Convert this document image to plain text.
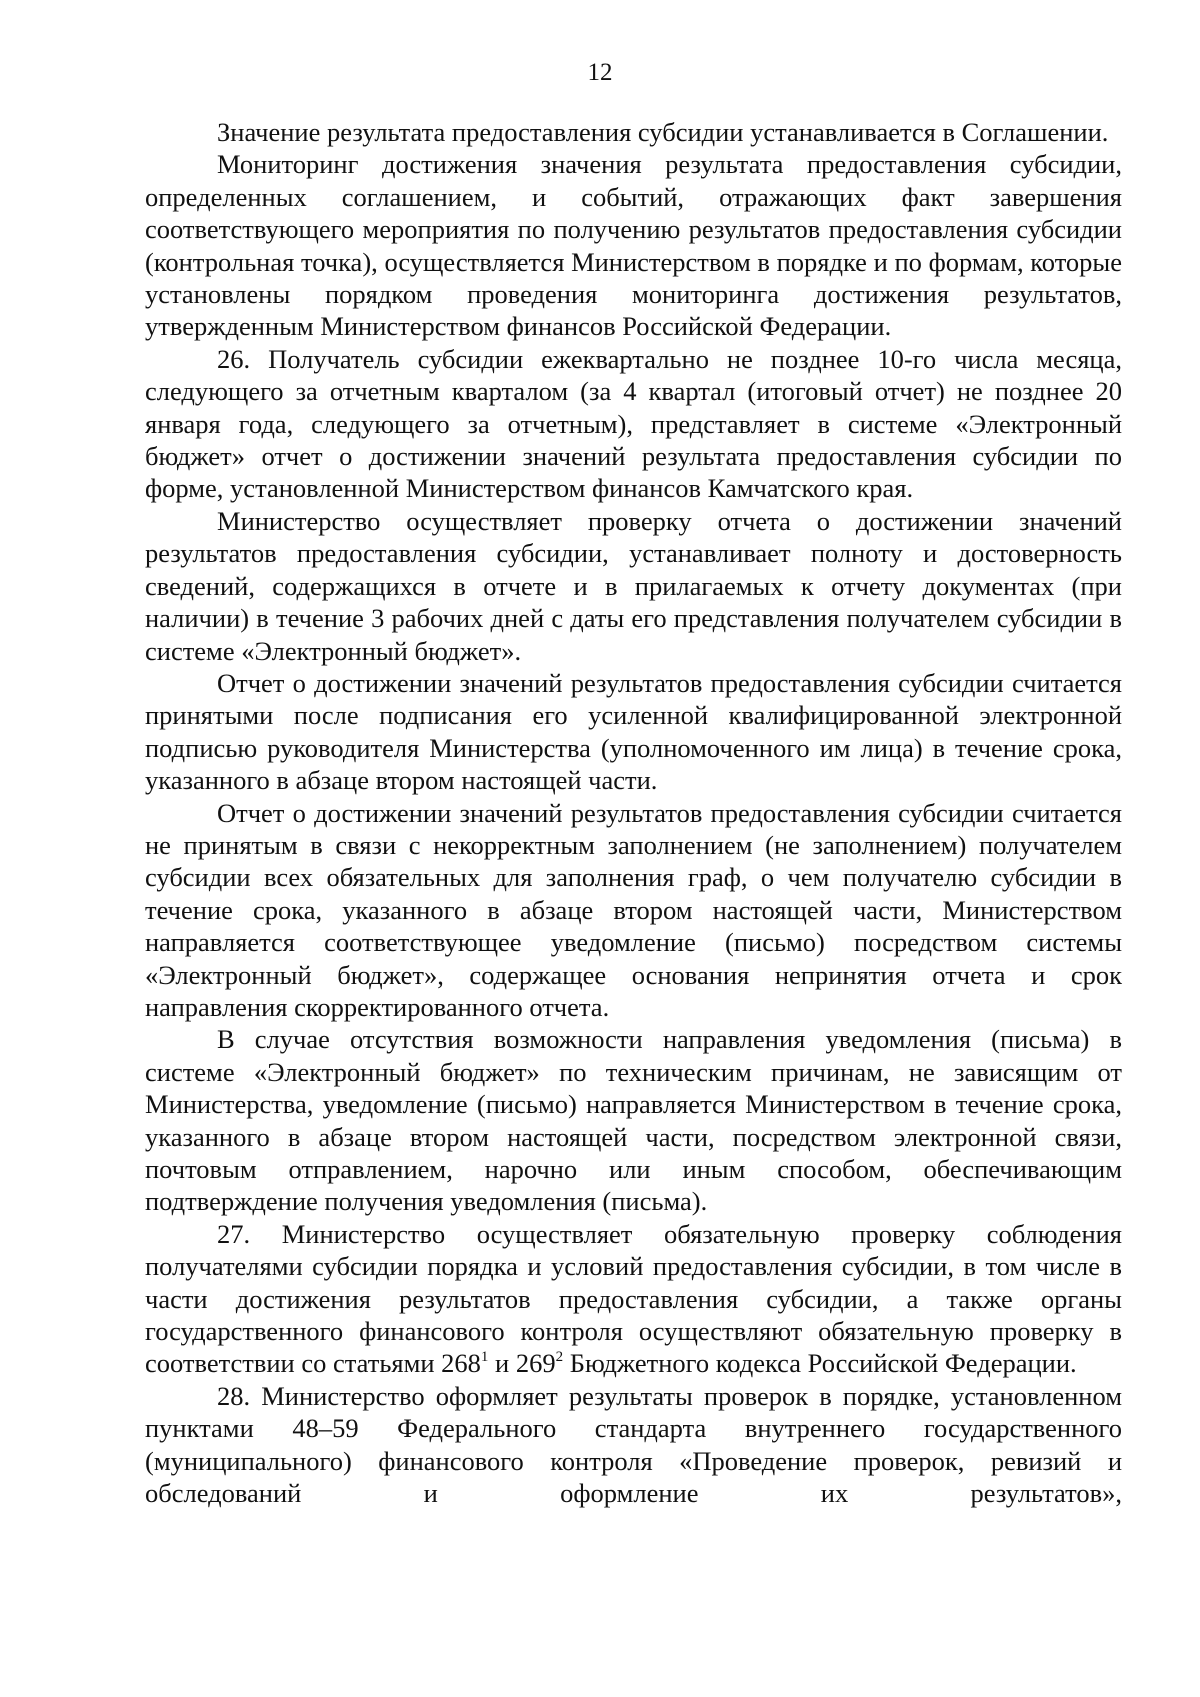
12

Значение результата предоставления субсидии устанавливается в Соглашении.

Мониторинг достижения значения результата предоставления субсидии, определенных соглашением, и событий, отражающих факт завершения соответствующего мероприятия по получению результатов предоставления субсидии (контрольная точка), осуществляется Министерством в порядке и по формам, которые установлены порядком проведения мониторинга достижения результатов, утвержденным Министерством финансов Российской Федерации.

26. Получатель субсидии ежеквартально не позднее 10-го числа месяца, следующего за отчетным кварталом (за 4 квартал (итоговый отчет) не позднее 20 января года, следующего за отчетным), представляет в системе «Электронный бюджет» отчет о достижении значений результата предоставления субсидии по форме, установленной Министерством финансов Камчатского края.

Министерство осуществляет проверку отчета о достижении значений результатов предоставления субсидии, устанавливает полноту и достоверность сведений, содержащихся в отчете и в прилагаемых к отчету документах (при наличии) в течение 3 рабочих дней с даты его представления получателем субсидии в системе «Электронный бюджет».

Отчет о достижении значений результатов предоставления субсидии считается принятыми после подписания его усиленной квалифицированной электронной подписью руководителя Министерства (уполномоченного им лица) в течение срока, указанного в абзаце втором настоящей части.

Отчет о достижении значений результатов предоставления субсидии считается не принятым в связи с некорректным заполнением (не заполнением) получателем субсидии всех обязательных для заполнения граф, о чем получателю субсидии в течение срока, указанного в абзаце втором настоящей части, Министерством направляется соответствующее уведомление (письмо) посредством системы «Электронный бюджет», содержащее основания непринятия отчета и срок направления скорректированного отчета.

В случае отсутствия возможности направления уведомления (письма) в системе «Электронный бюджет» по техническим причинам, не зависящим от Министерства, уведомление (письмо) направляется Министерством в течение срока, указанного в абзаце втором настоящей части, посредством электронной связи, почтовым отправлением, нарочно или иным способом, обеспечивающим подтверждение получения уведомления (письма).

27. Министерство осуществляет обязательную проверку соблюдения получателями субсидии порядка и условий предоставления субсидии, в том числе в части достижения результатов предоставления субсидии, а также органы государственного финансового контроля осуществляют обязательную проверку в соответствии со статьями $268^1$ и $269^2$ Бюджетного кодекса Российской Федерации.

28. Министерство оформляет результаты проверок в порядке, установленном пунктами 48–59 Федерального стандарта внутреннего государственного (муниципального) финансового контроля «Проведение проверок, ревизий и обследований и оформление их результатов»,
